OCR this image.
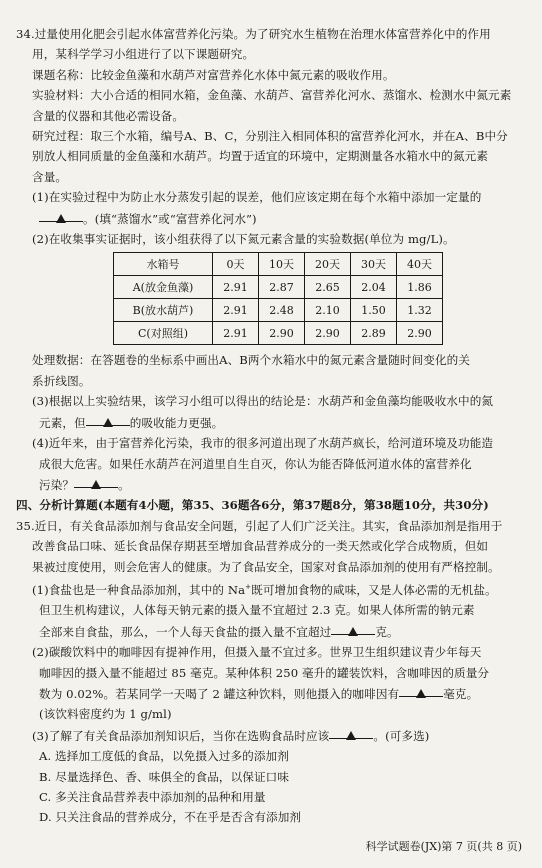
34.过量使用化肥会引起水体富营养化污染。为了研究水生植物在治理水体富营养化中的作用
用，某科学学习小组进行了以下课题研究。
课题名称：比较金鱼藻和水葫芦对富营养化水体中氮元素的吸收作用。
实验材料：大小合适的相同水箱，金鱼藻、水葫芦、富营养化河水、蒸馏水、检测水中氮元素
含量的仪器和其他必需设备。
研究过程：取三个水箱，编号A、B、C，分别注入相同体积的富营养化河水，并在A、B中分
别放人相同质量的金鱼藻和水葫芦。均置于适宜的环境中，定期测量各水箱水中的氮元素
含量。
(1)在实验过程中为防止水分蒸发引起的误差，他们应该定期在每个水箱中添加一定量的
。(填“蒸馏水”或“富营养化河水”)
(2)在收集事实证据时，该小组获得了以下氮元素含量的实验数据(单位为 mg/L)。
水箱号	0天	10天	20天	30天	40天
A(放金鱼藻)	2.91	2.87	2.65	2.04	1.86
B(放水葫芦)	2.91	2.48	2.10	1.50	1.32
C(对照组)	2.91	2.90	2.90	2.89	2.90
处理数据：在答题卷的坐标系中画出A、B两个水箱水中的氮元素含量随时间变化的关
系折线图。
(3)根据以上实验结果，该学习小组可以得出的结论是：水葫芦和金鱼藻均能吸收水中的氮
元素，但	的吸收能力更强。
(4)近年来，由于富营养化污染，我市的很多河道出现了水葫芦疯长，给河道环境及功能造
成很大危害。如果任水葫芦在河道里自生自灭，你认为能否降低河道水体的富营养化
污染？	。
四、分析计算题(本题有4小题，第35、36题各6分，第37题8分，第38题10分，共30分)
35.近日，有关食品添加剂与食品安全问题，引起了人们广泛关注。其实，食品添加剂是指用于
改善食品口味、延长食品保存期甚至增加食品营养成分的一类天然或化学合成物质，但如
果被过度使用，则会危害人的健康。为了食品安全，国家对食品添加剂的使用有严格控制。
(1)食盐也是一种食品添加剂，其中的 Na+既可增加食物的咸味，又是人体必需的无机盐。
但卫生机构建议，人体每天钠元素的摄入量不宜超过 2.3 克。如果人体所需的钠元素
全部来自食盐，那么，一个人每天食盐的摄入量不宜超过	克。
(2)碳酸饮料中的咖啡因有提神作用，但摄入量不宜过多。世界卫生组织建议青少年每天
咖啡因的摄入量不能超过 85 毫克。某种体积 250 毫升的罐装饮料，含咖啡因的质量分
数为 0.02%。若某同学一天喝了 2 罐这种饮料，则他摄入的咖啡因有	毫克。
(该饮料密度约为 1 g/ml)
(3)了解了有关食品添加剂知识后，当你在选购食品时应该	。(可多选)
A. 选择加工度低的食品，以免摄入过多的添加剂
B. 尽量选择色、香、味俱全的食品，以保证口味
C. 多关注食品营养表中添加剂的品种和用量
D. 只关注食品的营养成分，不在乎是否含有添加剂
科学试题卷(JX)第 7 页(共 8 页)
